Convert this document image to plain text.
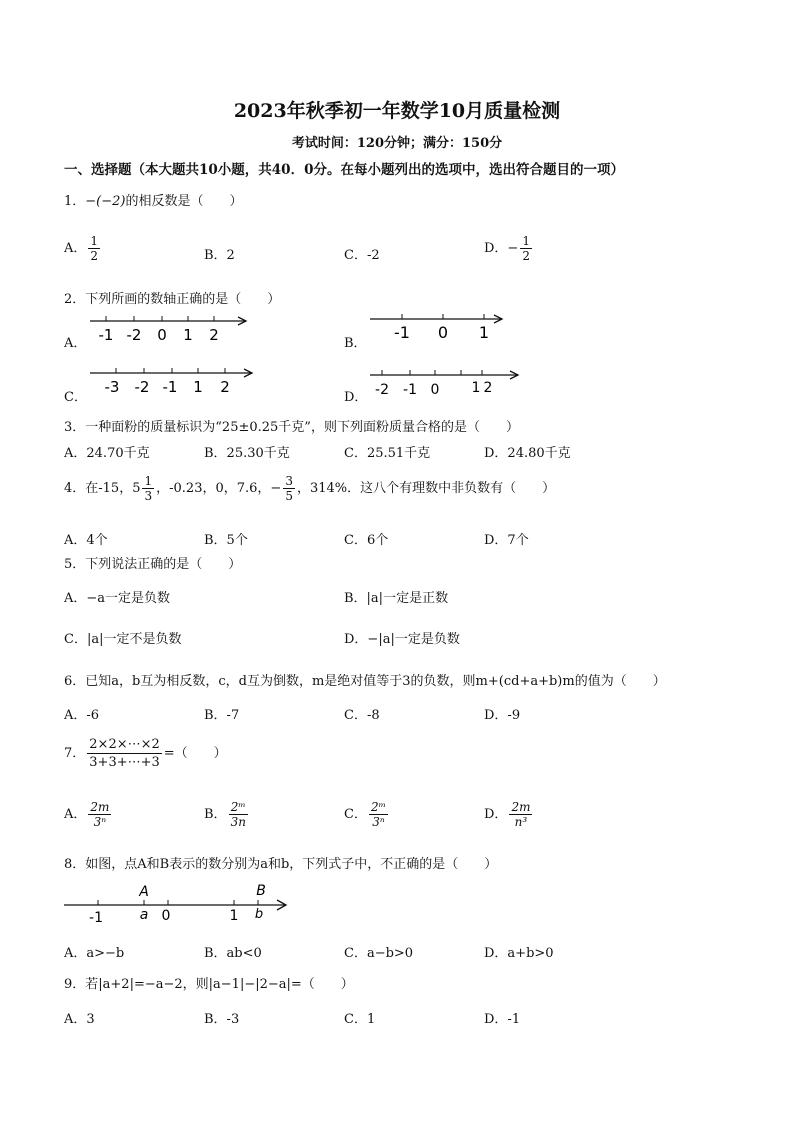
2023年秋季初一年数学10月质量检测
考试时间：120分钟；满分：150分
一、选择题（本大题共10小题，共40．0分。在每小题列出的选项中，选出符合题目的一项）
1．−(−2)的相反数是（　　）
A． $\frac{1}{2}$	B．2	C．-2	D．− $\frac{1}{2}$
2．下列所画的数轴正确的是（　　）
A． -1 -2 0 1 2	B．
-1 0 1
C．
-3 -2 -1 1 2
D． -2 -1 0 1 2
3．一种面粉的质量标识为“25±0.25千克”，则下列面粉质量合格的是（　　）
A．24.70千克	B．25.30千克	C．25.51千克	D．24.80千克
4．在-15，$5 \frac{1}{3}$ ，-0.23，0，7.6，− $\frac{3}{5}$ ，314%．这八个有理数中非负数有（　　）
A．4个	B．5个	C．6个	D．7个
5．下列说法正确的是（　　）
A．−a一定是负数	B．|a|一定是正数
C．|a|一定不是负数	D．−|a|一定是负数
6．已知a，b互为相反数，c，d互为倒数，m是绝对值等于3的负数，则m+(cd+a+b)m的值为（　　）
A．-6	B．-7	C．-8	D．-9
7． $\frac{2\times 2\times\cdots\times 2}{3+3+\cdots+3}$ =（　　）
A． $\frac{2m}{\text{3ⁿ}}$	B． $\frac{\text{2ᵐ}}{3n}$	C． $\frac{\text{2ᵐ}}{\text{3ⁿ}}$	D． $\frac{2m}{\text{n³}}$
8．如图，点A和B表示的数分别为a和b，下列式子中，不正确的是（　　）
-1	a 0	1 b
A	B
A．a>−b	B．ab<0	C．a−b>0	D．a+b>0
9．若|a+2|=−a−2，则|a−1|−|2−a|=（　　）
A．3	B．-3	C．1	D．-1
